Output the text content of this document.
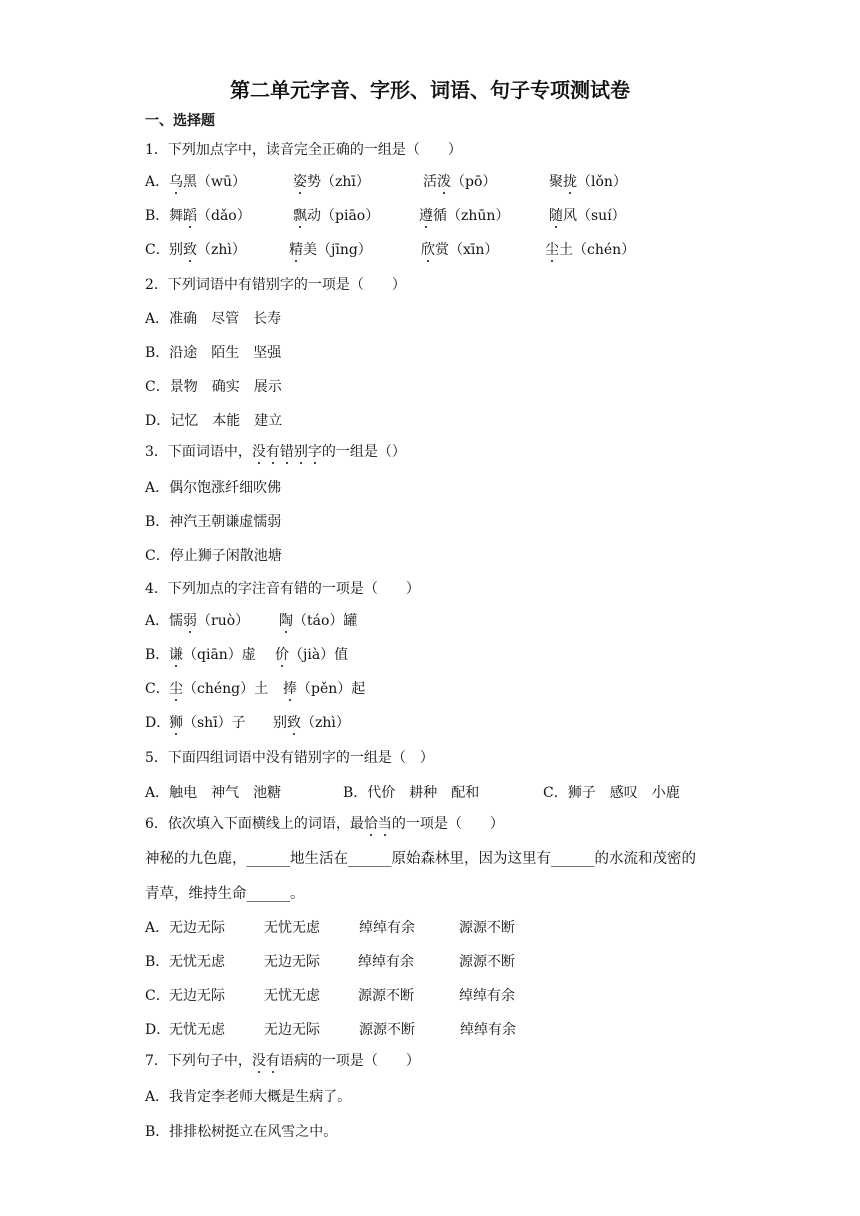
第二单元字音、字形、词语、句子专项测试卷
一、选择题
1．下列加点字中，读音完全正确的一组是（　　）
A． 乌黑（wū）	姿势（zhī）	活泼（pō）	聚拢（lǒn）
B． 舞蹈（dǎo）	飘动（piāo）	遵循（zhūn）	随风（suí）
C． 别致（zhì）	精美（jīng）	欣赏（xīn）	尘土（chén）
2．下列词语中有错别字的一项是（　　）
A．准确　尽管　长寿
B．沿途　陌生　坚强
C．景物　确实　展示
D．记忆　本能　建立
3．下面词语中，没有错别字的一组是（）
A．偶尔饱涨纤细吹佛
B．神汽王朝谦虚懦弱
C．停止狮子闲散池塘
4．下列加点的字注音有错的一项是（　　）
A． 懦弱（ruò） 陶（táo）罐
B． 谦（qiān）虚 价（jià）值
C． 尘（chéng）土 捧（pěn）起
D．
狮（shī）子 别致（zhì）
5．下面四组词语中没有错别字的一组是（　）
A．触电　神气　池糖	B．代价　耕种　配和	C．狮子　感叹　小鹿
6．依次填入下面横线上的词语，最恰当的一项是（　　）
神秘的九色鹿，______地生活在______原始森林里，因为这里有______的水流和茂密的
青草，维持生命______。
A． 无边无际	无忧无虑	绰绰有余	源源不断
B． 无忧无虑	无边无际	绰绰有余	源源不断
C． 无边无际	无忧无虑	源源不断	绰绰有余
D．
无忧无虑	无边无际	源源不断	绰绰有余
7．下列句子中，没有语病的一项是（　　）
A．我肯定李老师大概是生病了。
B．排排松树挺立在风雪之中。
